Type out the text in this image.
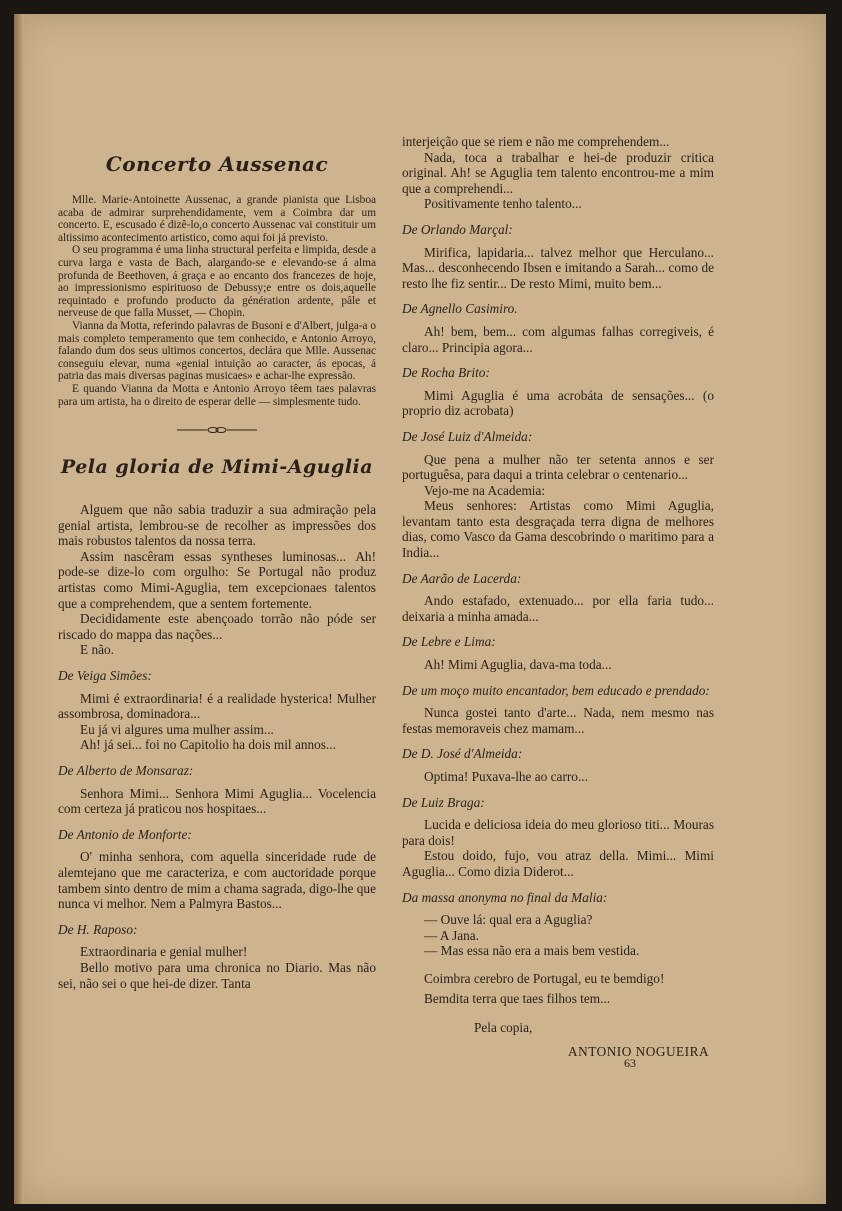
Concerto Aussenac

Mlle. Marie-Antoinette Aussenac, a grande pianista que Lisboa acaba de admirar surprehendidamente, vem a Coimbra dar um concerto. E, escusado é dizê-lo,o concerto Aussenac vai constituir um altissimo acontecimento artistico, como aqui foi já previsto.

O seu programma é uma linha structural perfeita e limpida, desde a curva larga e vasta de Bach, alargando-se e elevando-se á alma profunda de Beethoven, á graça e ao encanto dos francezes de hoje, ao impressionismo espirituoso de Debussy;e entre os dois,aquelle requintado e profundo producto da génération ardente, pâle et nerveuse de que falla Musset, — Chopin.

Vianna da Motta, referindo palavras de Busoni e d'Albert, julga-a o mais completo temperamento que tem conhecido, e Antonio Arroyo, falando dum dos seus ultimos concertos, declára que Mlle. Aussenac conseguiu elevar, numa «genial intuição ao caracter, ás epocas, á patria das mais diversas paginas musicaes» e achar-lhe expressão.

E quando Vianna da Motta e Antonio Arroyo têem taes palavras para um artista, ha o direito de esperar delle — simplesmente tudo.

Pela gloria de Mimi-Aguglia

Alguem que não sabia traduzir a sua admiração pela genial artista, lembrou-se de recolher as impressões dos mais robustos talentos da nossa terra.

Assim nascêram essas syntheses luminosas... Ah! pode-se dize-lo com orgulho: Se Portugal não produz artistas como Mimi-Aguglia, tem excepcionaes talentos que a comprehendem, que a sentem fortemente.

Decididamente este abençoado torrão não póde ser riscado do mappa das nações...

E não.

De Veiga Simões:

Mimi é extraordinaria! é a realidade hysterica! Mulher assombrosa, dominadora...

Eu já vi algures uma mulher assim...

Ah! já sei... foi no Capitolio ha dois mil annos...

De Alberto de Monsaraz:

Senhora Mimi... Senhora Mimi Aguglia... Vocelencia com certeza já praticou nos hospitaes...

De Antonio de Monforte:

O' minha senhora, com aquella sinceridade rude de alemtejano que me caracteriza, e com auctoridade porque tambem sinto dentro de mim a chama sagrada, digo-lhe que nunca vi melhor. Nem a Palmyra Bastos...

De H. Raposo:

Extraordinaria e genial mulher!

Bello motivo para uma chronica no Diario. Mas não sei, não sei o que hei-de dizer. Tanta

interjeição que se riem e não me comprehendem...

Nada, toca a trabalhar e hei-de produzir critica original. Ah! se Aguglia tem talento encontrou-me a mim que a comprehendi...

Positivamente tenho talento...

De Orlando Marçal:

Mirifica, lapidaria... talvez melhor que Herculano... Mas... desconhecendo Ibsen e imitando a Sarah... como de resto lhe fiz sentir... De resto Mimi, muito bem...

De Agnello Casimiro.

Ah! bem, bem... com algumas falhas corregiveis, é claro... Principia agora...

De Rocha Brito:

Mimi Aguglia é uma acrobáta de sensações... (o proprio diz acrobata)

De José Luiz d'Almeida:

Que pena a mulher não ter setenta annos e ser portuguêsa, para daqui a trinta celebrar o centenario...

Vejo-me na Academia:

Meus senhores: Artistas como Mimi Aguglia, levantam tanto esta desgraçada terra digna de melhores dias, como Vasco da Gama descobrindo o maritimo para a India...

De Aarão de Lacerda:

Ando estafado, extenuado... por ella faria tudo... deixaria a minha amada...

De Lebre e Lima:

Ah! Mimi Aguglia, dava-ma toda...

De um moço muito encantador, bem educado e prendado:

Nunca gostei tanto d'arte... Nada, nem mesmo nas festas memoraveis chez mamam...

De D. José d'Almeida:

Optima! Puxava-lhe ao carro...

De Luiz Braga:

Lucida e deliciosa ideia do meu glorioso titi... Mouras para dois!

Estou doido, fujo, vou atraz della. Mimi... Mimi Aguglia... Como dizia Diderot...

Da massa anonyma no final da Malia:

— Ouve lá: qual era a Aguglia?

— A Jana.

— Mas essa não era a mais bem vestida.

Coimbra cerebro de Portugal, eu te bemdigo!

Bemdita terra que taes filhos tem...

Pela copia,

ANTONIO NOGUEIRA

63
